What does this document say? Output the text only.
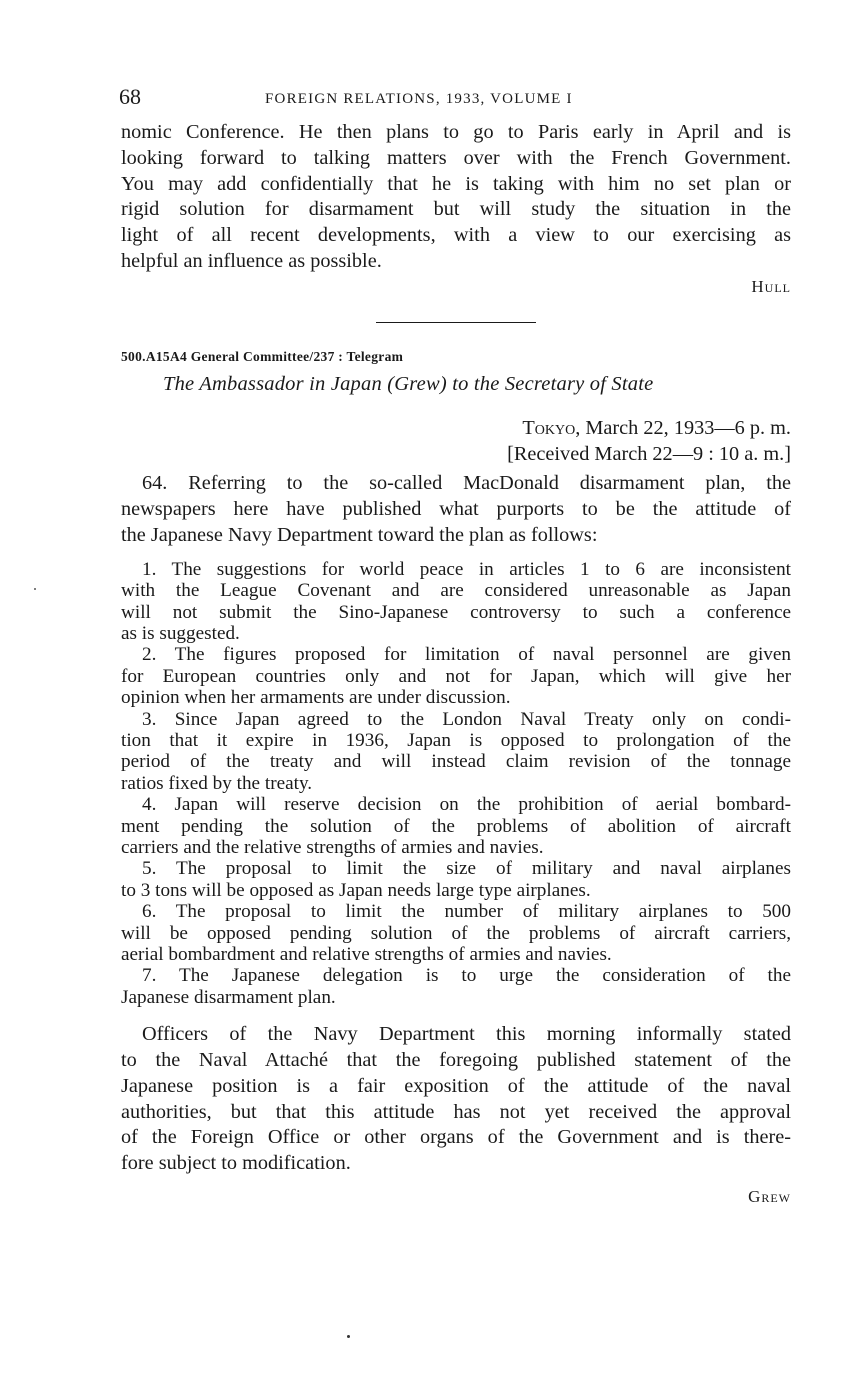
68	FOREIGN RELATIONS, 1933, VOLUME I
nomic Conference. He then plans to go to Paris early in April and is
looking forward to talking matters over with the French Government.
You may add confidentially that he is taking with him no set plan or
rigid solution for disarmament but will study the situation in the
light of all recent developments, with a view to our exercising as
helpful an influence as possible.
Hull
500.A15A4 General Committee/237 : Telegram
The Ambassador in Japan (Grew) to the Secretary of State
Tokyo, March 22, 1933—6 p. m.
[Received March 22—9 : 10 a. m.]
64. Referring to the so-called MacDonald disarmament plan, the
newspapers here have published what purports to be the attitude of
the Japanese Navy Department toward the plan as follows:
1. The suggestions for world peace in articles 1 to 6 are inconsistent
with the League Covenant and are considered unreasonable as Japan
will not submit the Sino-Japanese controversy to such a conference
as is suggested.
2. The figures proposed for limitation of naval personnel are given
for European countries only and not for Japan, which will give her
opinion when her armaments are under discussion.
3. Since Japan agreed to the London Naval Treaty only on condi-
tion that it expire in 1936, Japan is opposed to prolongation of the
period of the treaty and will instead claim revision of the tonnage
ratios fixed by the treaty.
4. Japan will reserve decision on the prohibition of aerial bombard-
ment pending the solution of the problems of abolition of aircraft
carriers and the relative strengths of armies and navies.
5. The proposal to limit the size of military and naval airplanes
to 3 tons will be opposed as Japan needs large type airplanes.
6. The proposal to limit the number of military airplanes to 500
will be opposed pending solution of the problems of aircraft carriers,
aerial bombardment and relative strengths of armies and navies.
7. The Japanese delegation is to urge the consideration of the
Japanese disarmament plan.
Officers of the Navy Department this morning informally stated
to the Naval Attaché that the foregoing published statement of the
Japanese position is a fair exposition of the attitude of the naval
authorities, but that this attitude has not yet received the approval
of the Foreign Office or other organs of the Government and is there-
fore subject to modification.
Grew
